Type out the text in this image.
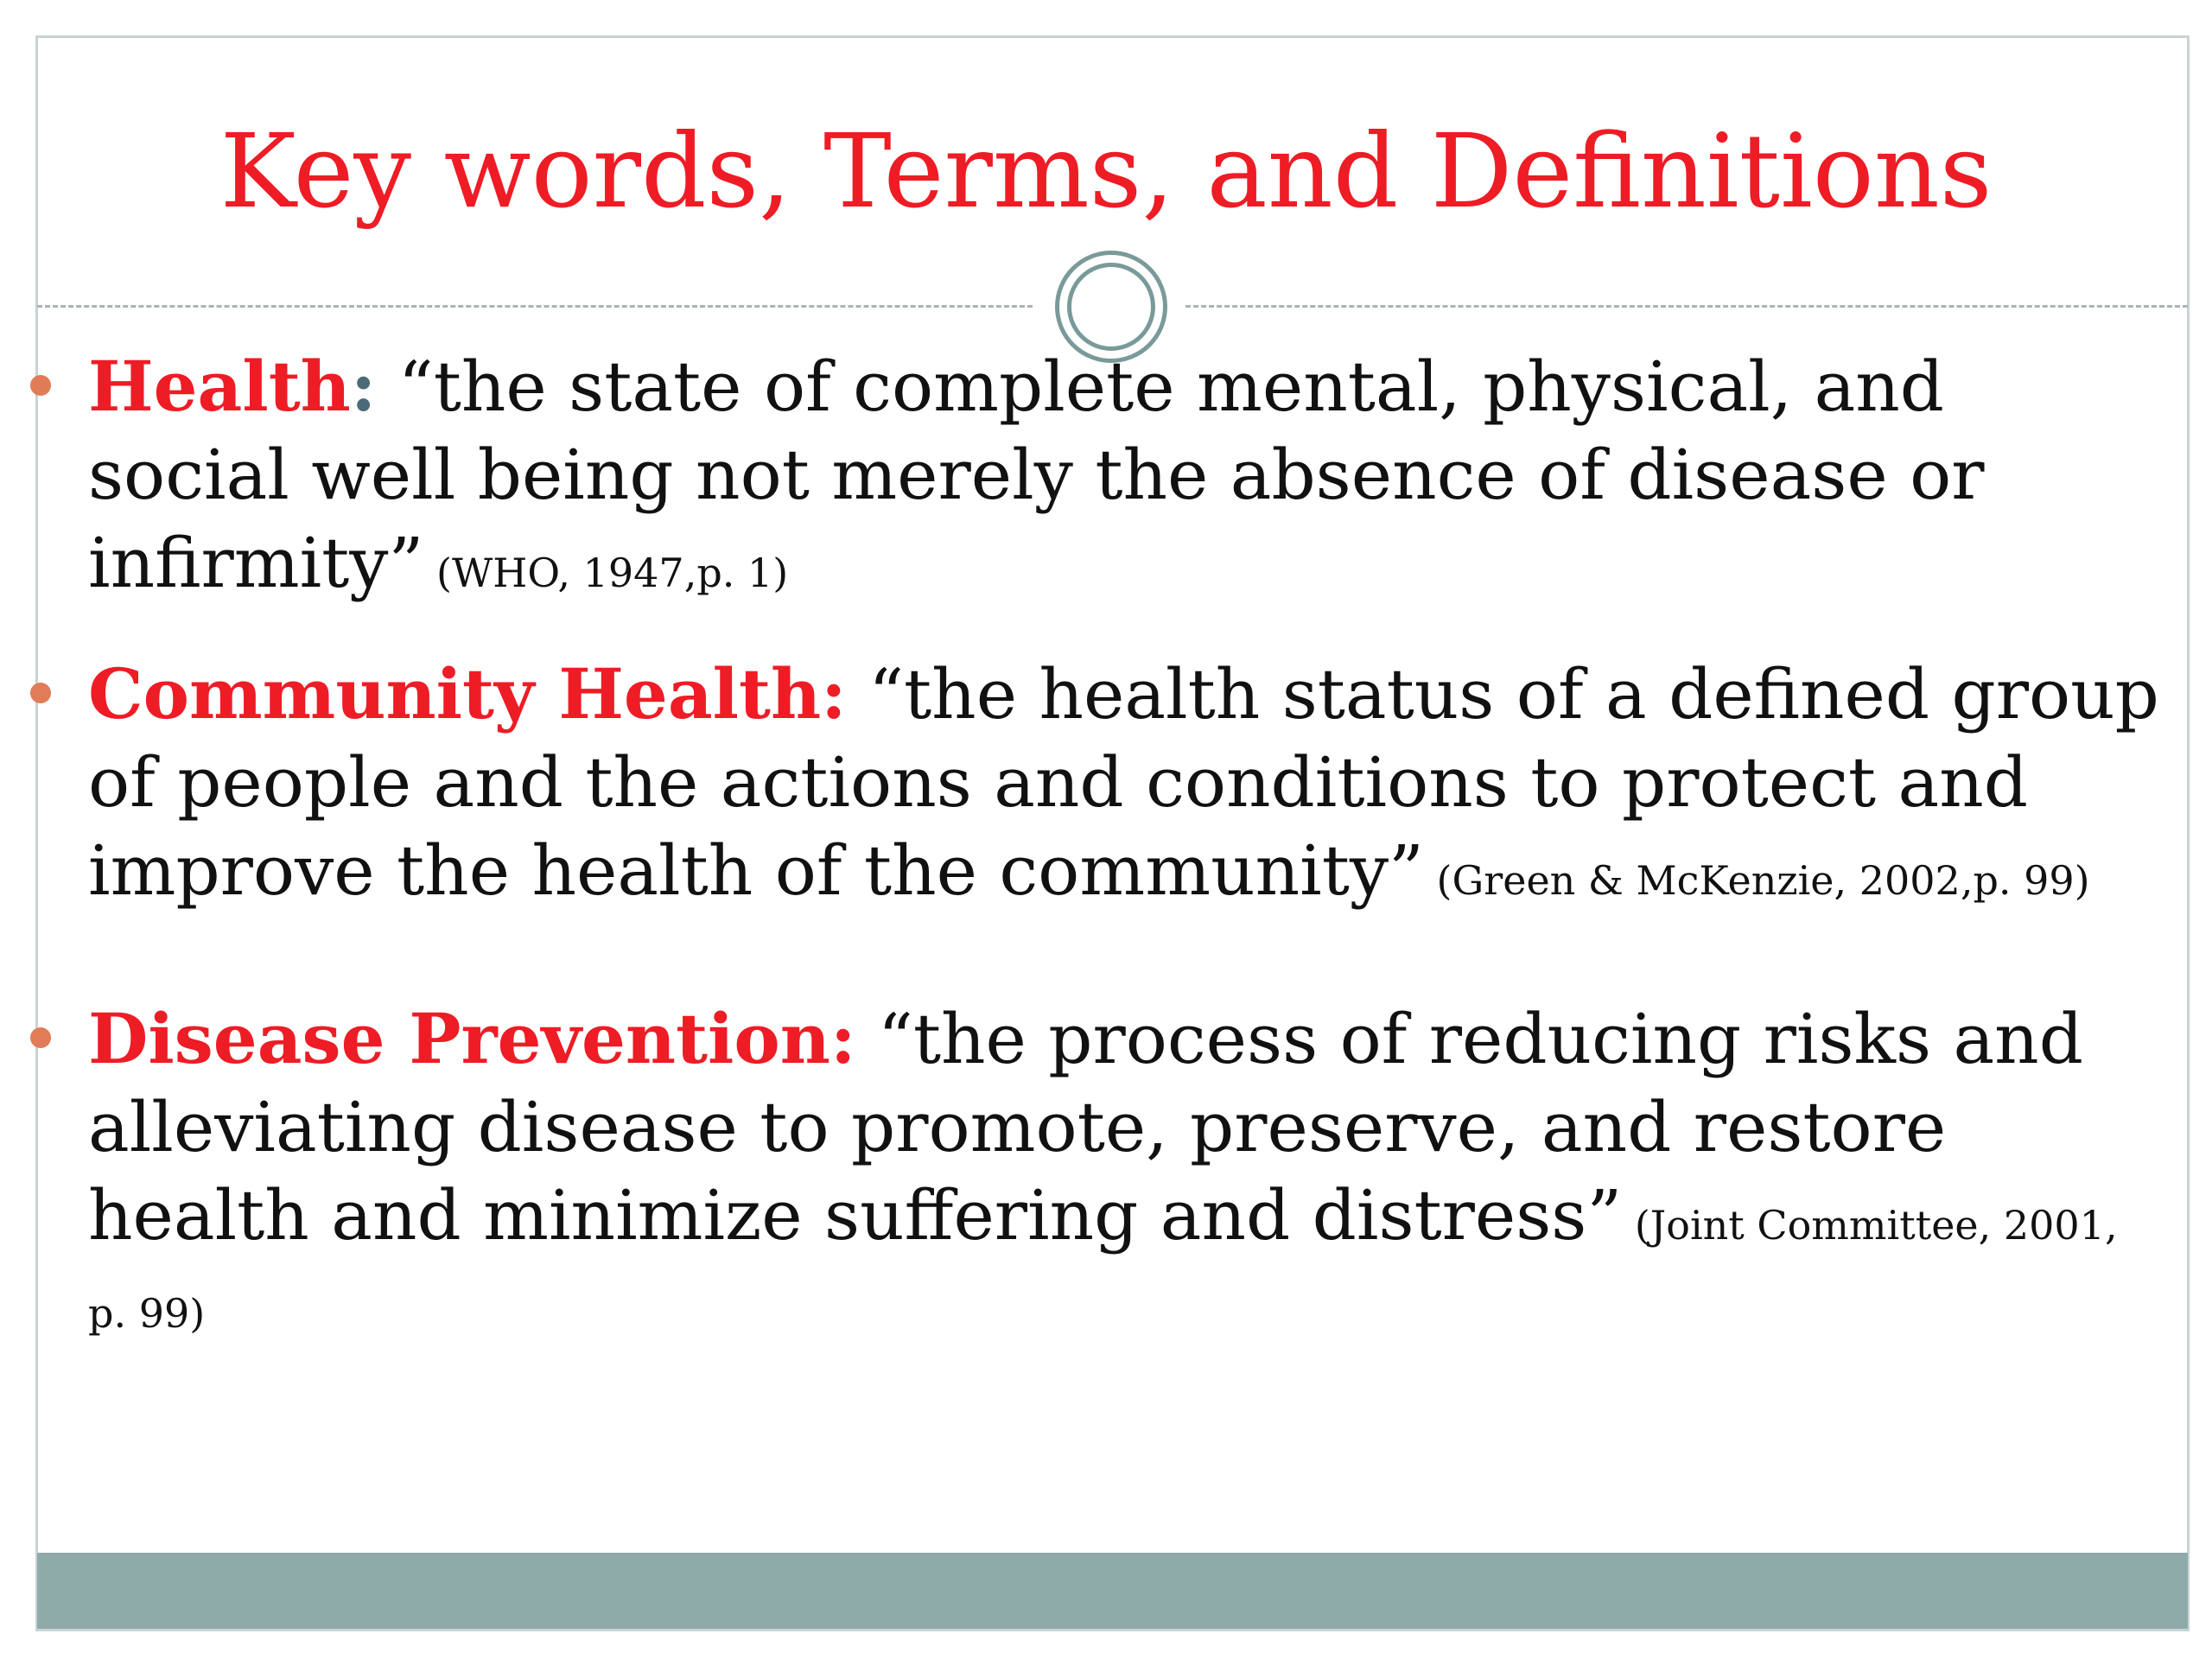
Key words, Terms, and Definitions
Health: “the state of complete mental, physical, and social well being not merely the absence of disease or infirmity” (WHO, 1947,p. 1)
Community Health: “the health status of a defined group of people and the actions and conditions to protect and improve the health of the community” (Green & McKenzie, 2002,p. 99)
Disease Prevention: “the process of reducing risks and alleviating disease to promote, preserve, and restore health and minimize suffering and distress” (Joint Committee, 2001, p. 99)
